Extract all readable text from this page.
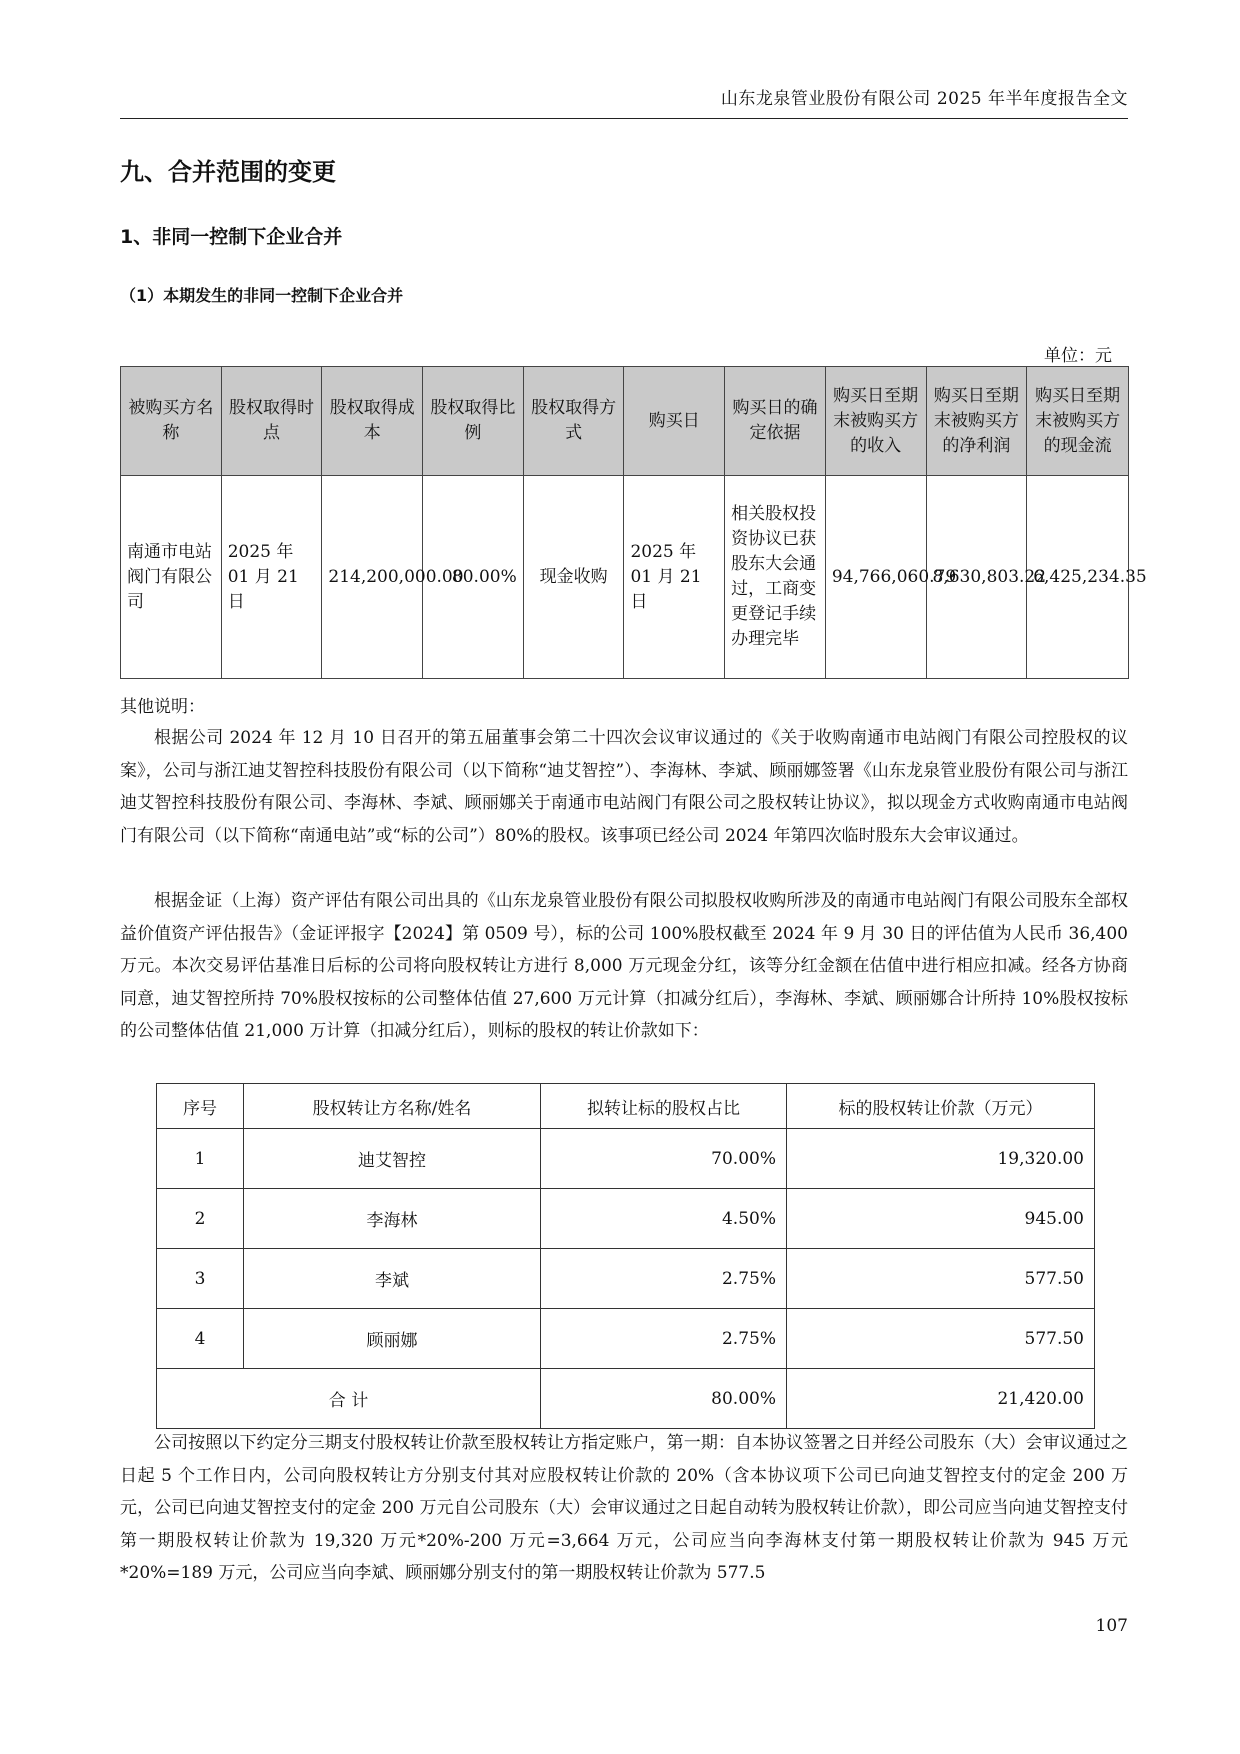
山东龙泉管业股份有限公司 2025 年半年度报告全文
九、合并范围的变更
1、非同一控制下企业合并
（1）本期发生的非同一控制下企业合并
单位：元
被购买方名称	股权取得时点	股权取得成本	股权取得比例	股权取得方式	购买日	购买日的确定依据	购买日至期末被购买方的收入	购买日至期末被购买方的净利润	购买日至期末被购买方的现金流
南通市电站阀门有限公司	2025 年 01 月 21 日	214,200,000.00	80.00%	现金收购	2025 年 01 月 21 日	相关股权投资协议已获股东大会通过，工商变更登记手续办理完毕	94,766,060.79	8,630,803.22	6,425,234.35
其他说明：

根据公司 2024 年 12 月 10 日召开的第五届董事会第二十四次会议审议通过的《关于收购南通市电站阀门有限公司控股权的议案》，公司与浙江迪艾智控科技股份有限公司（以下简称“迪艾智控”）、李海林、李斌、顾丽娜签署《山东龙泉管业股份有限公司与浙江迪艾智控科技股份有限公司、李海林、李斌、顾丽娜关于南通市电站阀门有限公司之股权转让协议》，拟以现金方式收购南通市电站阀门有限公司（以下简称“南通电站”或“标的公司”）80%的股权。该事项已经公司 2024 年第四次临时股东大会审议通过。

根据金证（上海）资产评估有限公司出具的《山东龙泉管业股份有限公司拟股权收购所涉及的南通市电站阀门有限公司股东全部权益价值资产评估报告》（金证评报字【2024】第 0509 号），标的公司 100%股权截至 2024 年 9 月 30 日的评估值为人民币 36,400 万元。本次交易评估基准日后标的公司将向股权转让方进行 8,000 万元现金分红，该等分红金额在估值中进行相应扣减。经各方协商同意，迪艾智控所持 70%股权按标的公司整体估值 27,600 万元计算（扣减分红后），李海林、李斌、顾丽娜合计所持 10%股权按标的公司整体估值 21,000 万计算（扣减分红后），则标的股权的转让价款如下：

序号	股权转让方名称/姓名	拟转让标的股权占比	标的股权转让价款（万元）
1	迪艾智控	70.00%	19,320.00
2	李海林	4.50%	945.00
3	李斌	2.75%	577.50
4	顾丽娜	2.75%	577.50
合 计		80.00%	21,420.00

公司按照以下约定分三期支付股权转让价款至股权转让方指定账户，第一期：自本协议签署之日并经公司股东（大）会审议通过之日起 5 个工作日内，公司向股权转让方分别支付其对应股权转让价款的 20%（含本协议项下公司已向迪艾智控支付的定金 200 万元，公司已向迪艾智控支付的定金 200 万元自公司股东（大）会审议通过之日起自动转为股权转让价款），即公司应当向迪艾智控支付第一期股权转让价款为 19,320 万元*20%-200 万元=3,664 万元，公司应当向李海林支付第一期股权转让价款为 945 万元*20%=189 万元，公司应当向李斌、顾丽娜分别支付的第一期股权转让价款为 577.5

107
